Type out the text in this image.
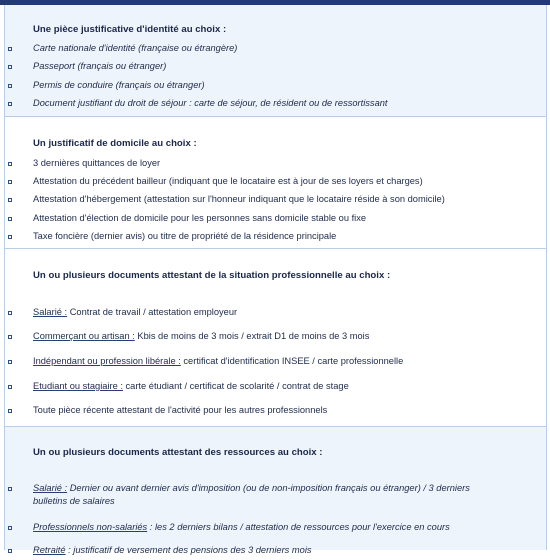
Une pièce justificative d'identité au choix :
Carte nationale d'identité (française ou étrangère)
Passeport (français ou étranger)
Permis de conduire (français ou étranger)
Document justifiant du droit de séjour : carte de séjour, de résident ou de ressortissant
Un justificatif de domicile au choix :
3 dernières quittances de loyer
Attestation du précédent bailleur (indiquant que le locataire est à jour de ses loyers et charges)
Attestation d'hébergement (attestation sur l'honneur indiquant que le locataire réside à son domicile)
Attestation d'élection de domicile pour les personnes sans domicile stable ou fixe
Taxe foncière (dernier avis) ou titre de propriété de la résidence principale
Un ou plusieurs documents attestant de la situation professionnelle au choix :
Salarié : Contrat de travail / attestation employeur
Commerçant ou artisan : Kbis de moins de 3 mois / extrait D1 de moins de 3 mois
Indépendant ou profession libérale : certificat d'identification INSEE / carte professionnelle
Etudiant ou stagiaire : carte étudiant / certificat de scolarité / contrat de stage
Toute pièce récente attestant de l'activité pour les autres professionnels
Un ou plusieurs documents attestant des ressources au choix :
Salarié : Dernier ou avant dernier avis d'imposition (ou de non-imposition français ou étranger) / 3 derniers
bulletins de salaires
Professionnels non-salariés : les 2 derniers bilans / attestation de ressources pour l'exercice en cours
Retraité : justificatif de versement des pensions des 3 derniers mois
